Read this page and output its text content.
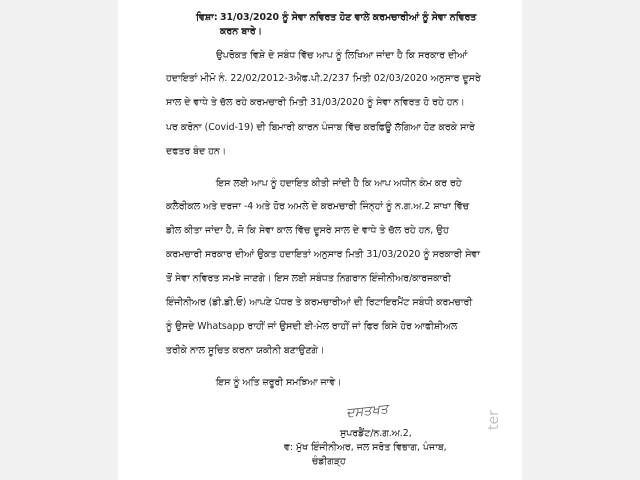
ਵਿਸ਼ਾ: 31/03/2020 ਨੂੰ ਸੇਵਾ ਨਵਿਰਤ ਹੋਣ ਵਾਲੇ ਕਰਮਚਾਰੀਆਂ ਨੂੰ ਸੇਵਾ ਨਵਿਰਤ
ਕਰਨ ਬਾਰੇ।
ਉਪਰੋਕਤ ਵਿਸ਼ੇ ਦੇ ਸਬੰਧ ਵਿੱਚ ਆਪ ਨੂੰ ਲਿਖਿਆ ਜਾਂਦਾ ਹੈ ਕਿ ਸਰਕਾਰ ਦੀਆਂ
ਹਦਾਇਤਾਂ ਮੀਮੋ ਨੰ. 22/02/2012-3ਐਫ.ਪੀ.2/237 ਮਿਤੀ 02/03/2020 ਅਨੁਸਾਰ ਦੂਸਰੇ
ਸਾਲ ਦੇ ਵਾਧੇ ਤੇ ਚੱਲ ਰਹੇ ਕਰਮਚਾਰੀ ਮਿਤੀ 31/03/2020 ਨੂੰ ਸੇਵਾ ਨਵਿਰਤ ਹੋ ਰਹੇ ਹਨ।
ਪਰ ਕਰੋਨਾ (Covid-19) ਦੀ ਬਿਮਾਰੀ ਕਾਰਨ ਪੰਜਾਬ ਵਿੱਚ ਕਰਫਿਊ ਲੱਗਿਆ ਹੋਣ ਕਰਕੇ ਸਾਰੇ
ਦਫਤਰ ਬੰਦ ਹਨ।
ਇਸ ਲਈ ਆਪ ਨੂੰ ਹਦਾਇਤ ਕੀਤੀ ਜਾਂਦੀ ਹੈ ਕਿ ਆਪ ਅਧੀਨ ਕੰਮ ਕਰ ਰਹੇ
ਕਲੈਰੀਕਲ ਅਤੇ ਦਰਜਾ -4 ਅਤੇ ਹੋਰ ਅਮਲੇ ਦੇ ਕਰਮਚਾਰੀ ਜਿੰਨ੍ਹਾਂ ਨੂੰ ਨ.ਗ.ਅ.2 ਸ਼ਾਖਾ ਵਿੱਚ
ਡੀਲ ਕੀਤਾ ਜਾਂਦਾ ਹੈ, ਜੋ ਕਿ ਸੇਵਾ ਕਾਲ ਵਿੱਚ ਦੂਸਰੇ ਸਾਲ ਦੇ ਵਾਧੇ ਤੇ ਚੱਲ ਰਹੇ ਹਨ, ਉਹ
ਕਰਮਚਾਰੀ ਸਰਕਾਰ ਦੀਆਂ ਉਕਤ ਹਦਾਇਤਾਂ ਅਨੁਸਾਰ ਮਿਤੀ 31/03/2020 ਨੂੰ ਸਰਕਾਰੀ ਸੇਵਾ
ਤੋਂ ਸੇਵਾ ਨਵਿਰਤ ਸਮਝੇ ਜਾਣਗੇ। ਇਸ ਲਈ ਸਬੰਧਤ ਨਿਗਰਾਨ ਇੰਜੀਨੀਅਰ/ਕਾਰਜਕਾਰੀ
ਇੰਜੀਨੀਅਰ (ਡੀ.ਡੀ.ਓ) ਆਪਣੇ ਪੱਧਰ ਤੇ ਕਰਮਚਾਰੀਆਂ ਦੀ ਰਿਟਾਇਰਮੈਂਟ ਸਬੰਧੀ ਕਰਮਚਾਰੀ
ਨੂੰ ਉਸਦੇ Whatsapp ਰਾਹੀਂ ਜਾਂ ਉਸਦੀ ਈ-ਮੇਲ ਰਾਹੀਂ ਜਾਂ ਫਿਰ ਕਿਸੇ ਹੋਰ ਆਫੀਸ਼ੀਅਲ
ਤਰੀਕੇ ਨਾਲ ਸੂਚਿਤ ਕਰਨਾ ਯਕੀਨੀ ਬਣਾਉਣਗੇ।
ਇਸ ਨੂੰ ਅਤਿ ਜ਼ਰੂਰੀ ਸਮਝਿਆ ਜਾਵੇ।
ਦਸਤਖਤ
ਸੁਪਰਡੈਂਟ/ਨ.ਗ.ਅ.2,
ਵ: ਮੁੱਖ ਇੰਜੀਨੀਅਰ, ਜਲ ਸਰੋਤ ਵਿਭਾਗ, ਪੰਜਾਬ,
ਚੰਡੀਗੜ੍ਹ
ter
